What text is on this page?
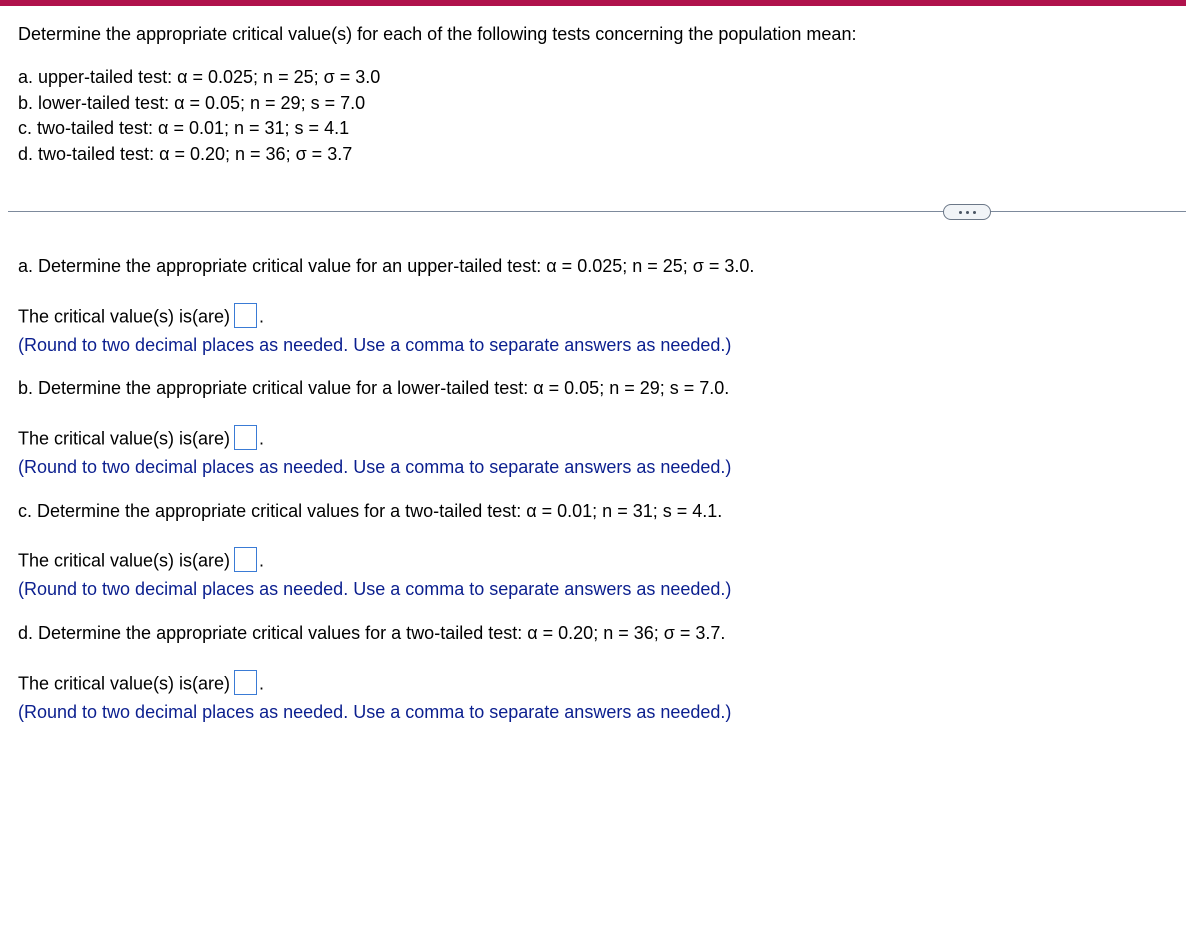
Determine the appropriate critical value(s) for each of the following tests concerning the population mean:
a. upper-tailed test: α = 0.025; n = 25; σ = 3.0
b. lower-tailed test: α = 0.05; n = 29; s = 7.0
c. two-tailed test: α = 0.01; n = 31; s = 4.1
d. two-tailed test: α = 0.20; n = 36; σ = 3.7
a. Determine the appropriate critical value for an upper-tailed test: α = 0.025; n = 25; σ = 3.0.
The critical value(s) is(are) .
(Round to two decimal places as needed. Use a comma to separate answers as needed.)
b. Determine the appropriate critical value for a lower-tailed test: α = 0.05; n = 29; s = 7.0.
The critical value(s) is(are) .
(Round to two decimal places as needed. Use a comma to separate answers as needed.)
c. Determine the appropriate critical values for a two-tailed test: α = 0.01; n = 31; s = 4.1.
The critical value(s) is(are) .
(Round to two decimal places as needed. Use a comma to separate answers as needed.)
d. Determine the appropriate critical values for a two-tailed test: α = 0.20; n = 36; σ = 3.7.
The critical value(s) is(are) .
(Round to two decimal places as needed. Use a comma to separate answers as needed.)
